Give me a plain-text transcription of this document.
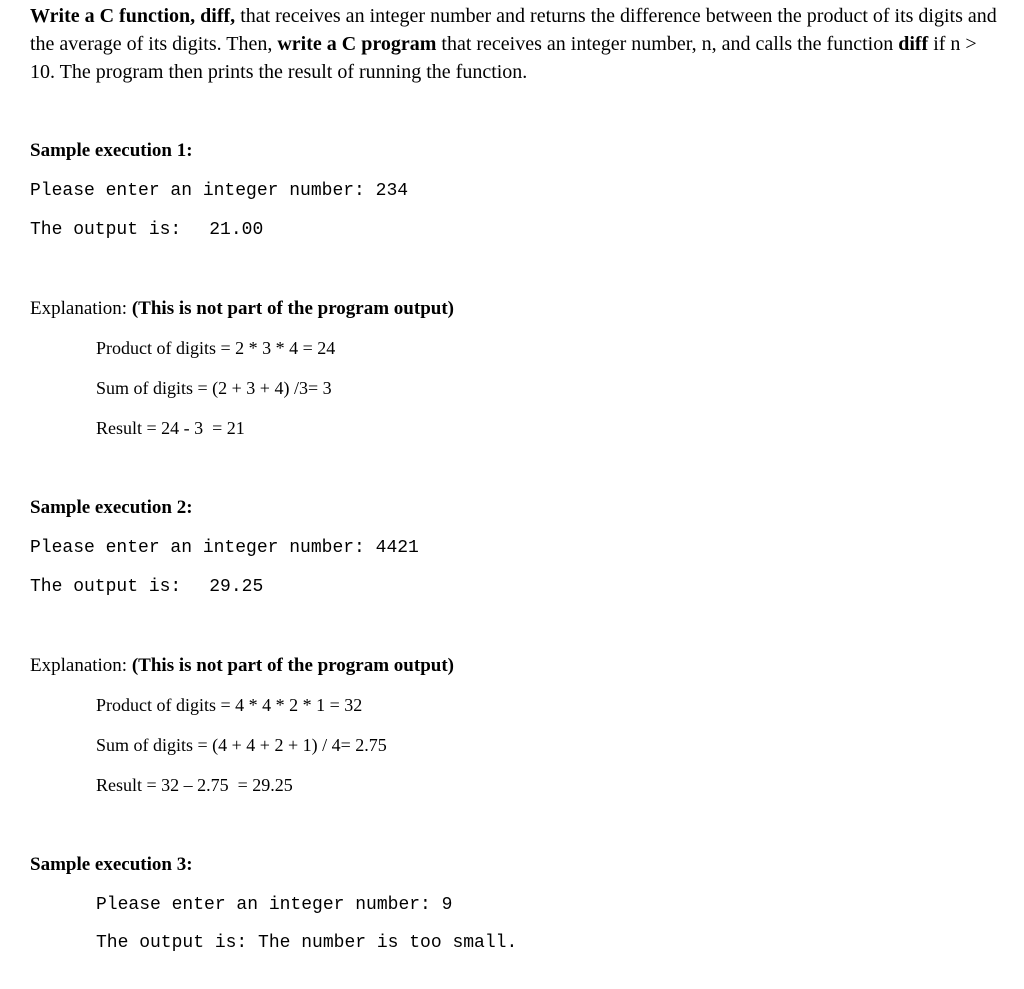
Write a C function, diff, that receives an integer number and returns the difference between the product of its digits and the average of its digits. Then, write a C program that receives an integer number, n, and calls the function diff if n > 10. The program then prints the result of running the function.

Sample execution 1:

Please enter an integer number: 234

The output is: 21.00

Explanation: (This is not part of the program output)

Product of digits = 2 * 3 * 4 = 24

Sum of digits = (2 + 3 + 4) /3= 3

Result = 24 - 3  = 21

Sample execution 2:

Please enter an integer number: 4421

The output is: 29.25

Explanation: (This is not part of the program output)

Product of digits = 4 * 4 * 2 * 1 = 32

Sum of digits = (4 + 4 + 2 + 1) / 4= 2.75

Result = 32 – 2.75  = 29.25

Sample execution 3:

Please enter an integer number: 9

The output is: The number is too small.
